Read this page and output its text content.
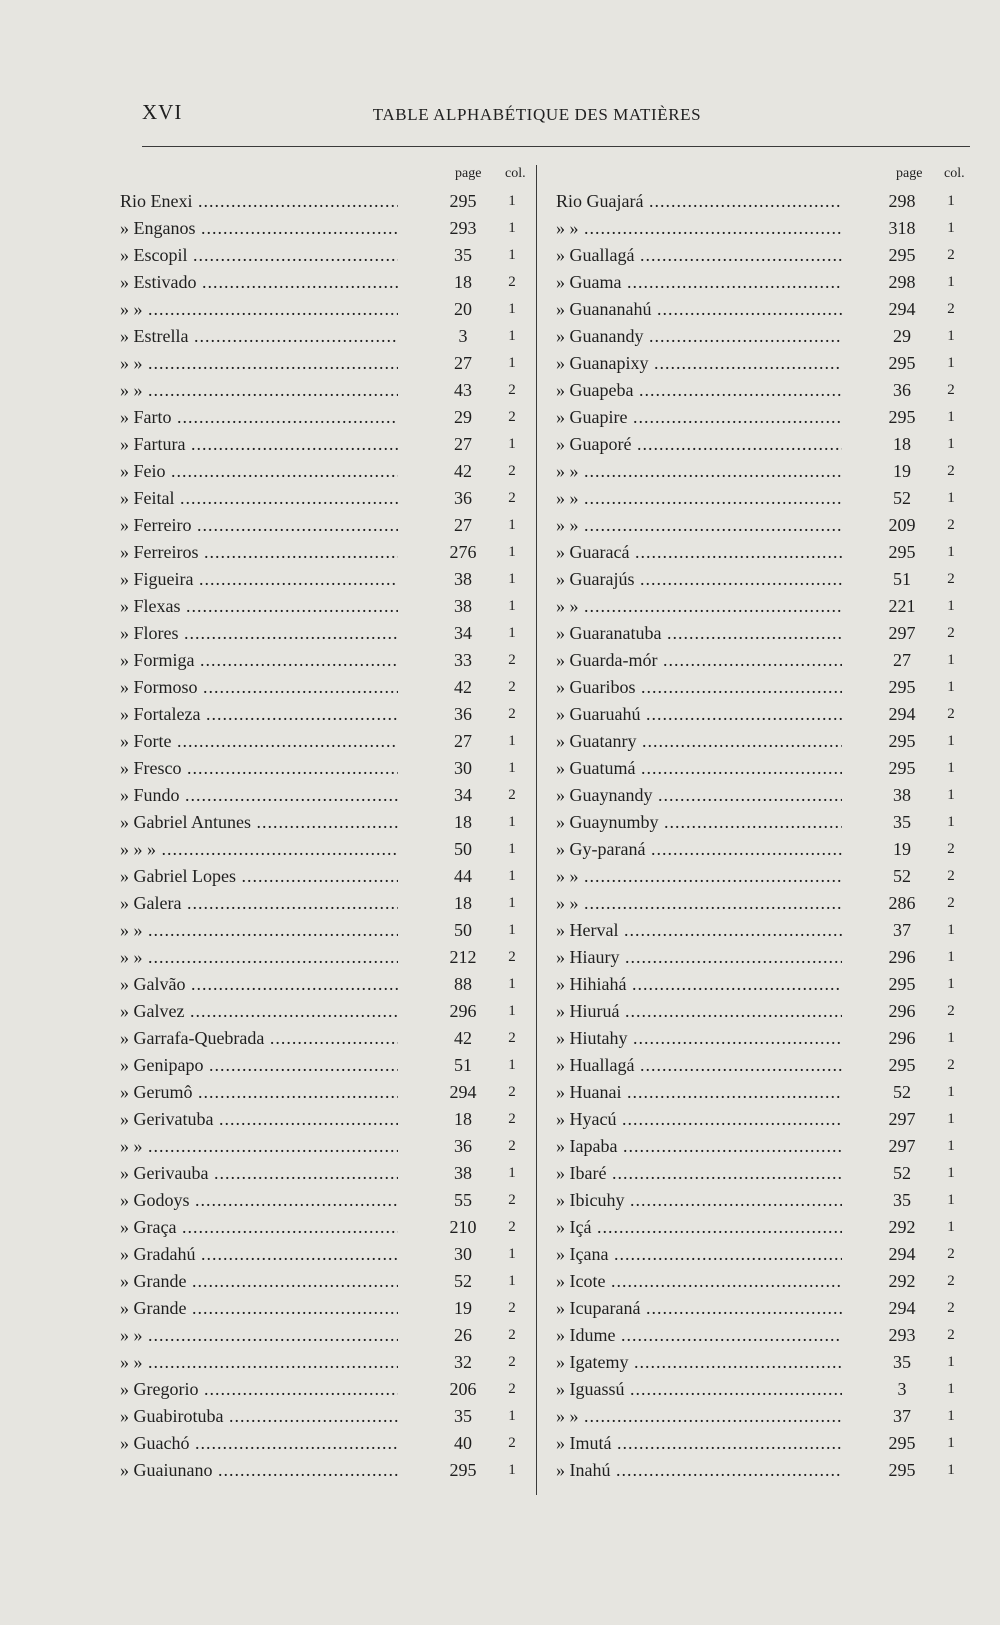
XVI	TABLE ALPHABÉTIQUE DES MATIÈRES
page col.
Rio Enexi .....	295	1
» Enganos .....	293	1
» Escopil .....	35	1
» Estivado .....	18	2
» » .....	20	1
» Estrella .....	3	1
» » .....	27	1
» » .....	43	2
» Farto .....	29	2
» Fartura .....	27	1
» Feio .....	42	2
» Feital .....	36	2
» Ferreiro .....	27	1
» Ferreiros .....	276	1
» Figueira .....	38	1
» Flexas .....	38	1
» Flores .....	34	1
» Formiga .....	33	2
» Formoso .....	42	2
» Fortaleza .....	36	2
» Forte .....	27	1
» Fresco .....	30	1
» Fundo .....	34	2
» Gabriel Antunes .....	18	1
» » » .....	50	1
» Gabriel Lopes .....	44	1
» Galera .....	18	1
» » .....	50	1
» » .....	212	2
» Galvão .....	88	1
» Galvez .....	296	1
» Garrafa-Quebrada .....	42	2
» Genipapo .....	51	1
» Gerumô .....	294	2
» Gerivatuba .....	18	2
» » .....	36	2
» Gerivauba .....	38	1
» Godoys .....	55	2
» Graça .....	210	2
» Gradahú .....	30	1
» Grande .....	52	1
» Grande .....	19	2
» » .....	26	2
» » .....	32	2
» Gregorio .....	206	2
» Guabirotuba .....	35	1
» Guachó .....	40	2
» Guaiunano .....	295	1
page col.
Rio Guajará .....	298	1
» » .....	318	1
» Guallagá .....	295	2
» Guama .....	298	1
» Guananahú .....	294	2
» Guanandy .....	29	1
» Guanapixy .....	295	1
» Guapeba .....	36	2
» Guapire .....	295	1
» Guaporé .....	18	1
» » .....	19	2
» » .....	52	1
» » .....	209	2
» Guaracá .....	295	1
» Guarajús .....	51	2
» » .....	221	1
» Guaranatuba .....	297	2
» Guarda-mór .....	27	1
» Guaribos .....	295	1
» Guaruahú .....	294	2
» Guatanry .....	295	1
» Guatumá .....	295	1
» Guaynandy .....	38	1
» Guaynumby .....	35	1
» Gy-paraná .....	19	2
» » .....	52	2
» » .....	286	2
» Herval .....	37	1
» Hiaury .....	296	1
» Hihiahá .....	295	1
» Hiuruá .....	296	2
» Hiutahy .....	296	1
» Huallagá .....	295	2
» Huanai .....	52	1
» Hyacú .....	297	1
» Iapaba .....	297	1
» Ibaré .....	52	1
» Ibicuhy .....	35	1
» Içá .....	292	1
» Içana .....	294	2
» Icote .....	292	2
» Icuparaná .....	294	2
» Idume .....	293	2
» Igatemy .....	35	1
» Iguassú .....	3	1
» » .....	37	1
» Imutá .....	295	1
» Inahú .....	295	1
